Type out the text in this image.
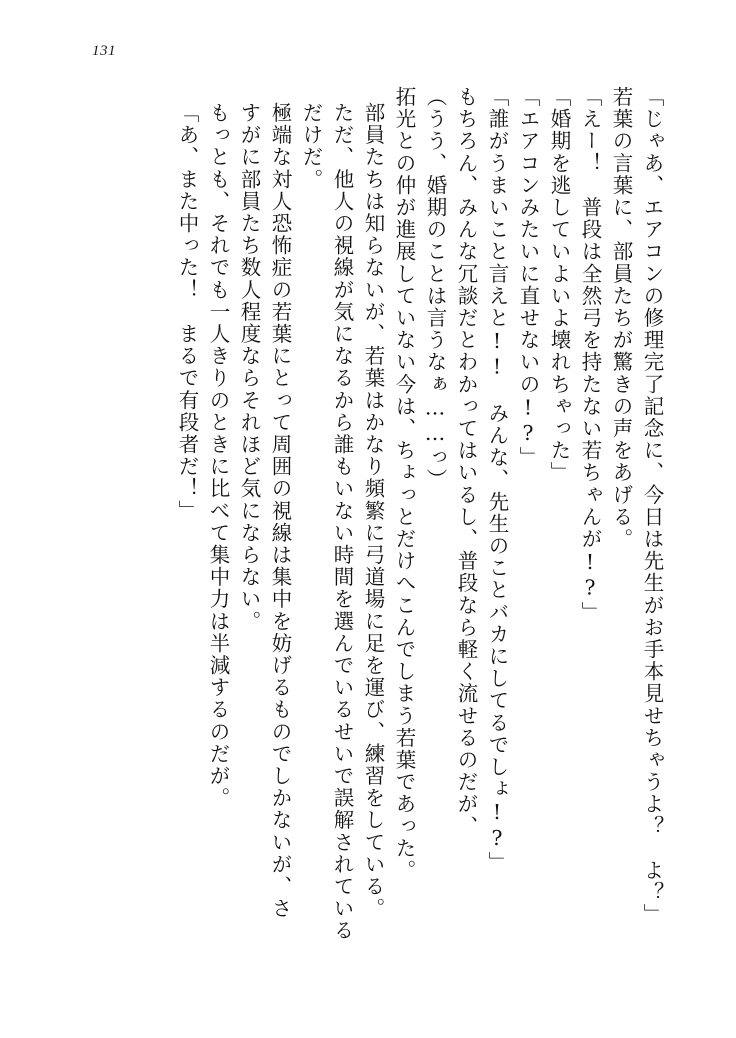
131
「じゃあ、エアコンの修理完了記念に、今日は先生がお手本見せちゃうよ？　よ？」
若葉の言葉に、部員たちが驚きの声をあげる。
「えー！　普段は全然弓を持たない若ちゃんが!?」
「婚期を逃していよいよ壊れちゃった」
「エアコンみたいに直せないの!?」
「誰がうまいこと言えと!!　みんな、先生のことバカにしてるでしょ!?」
もちろん、みんな冗談だとわかってはいるし、普段なら軽く流せるのだが、
（うう、婚期のことは言うなぁ……っ）
拓光との仲が進展していない今は、ちょっとだけへこんでしまう若葉であった。
部員たちは知らないが、若葉はかなり頻繁に弓道場に足を運び、練習をしている。
ただ、他人の視線が気になるから誰もいない時間を選んでいるせいで誤解されている
だけだ。
極端な対人恐怖症の若葉にとって周囲の視線は集中を妨げるものでしかないが、さ
すがに部員たち数人程度ならそれほど気にならない。
もっとも、それでも一人きりのときに比べて集中力は半減するのだが。
「あ、また中った！　まるで有段者だ！」
